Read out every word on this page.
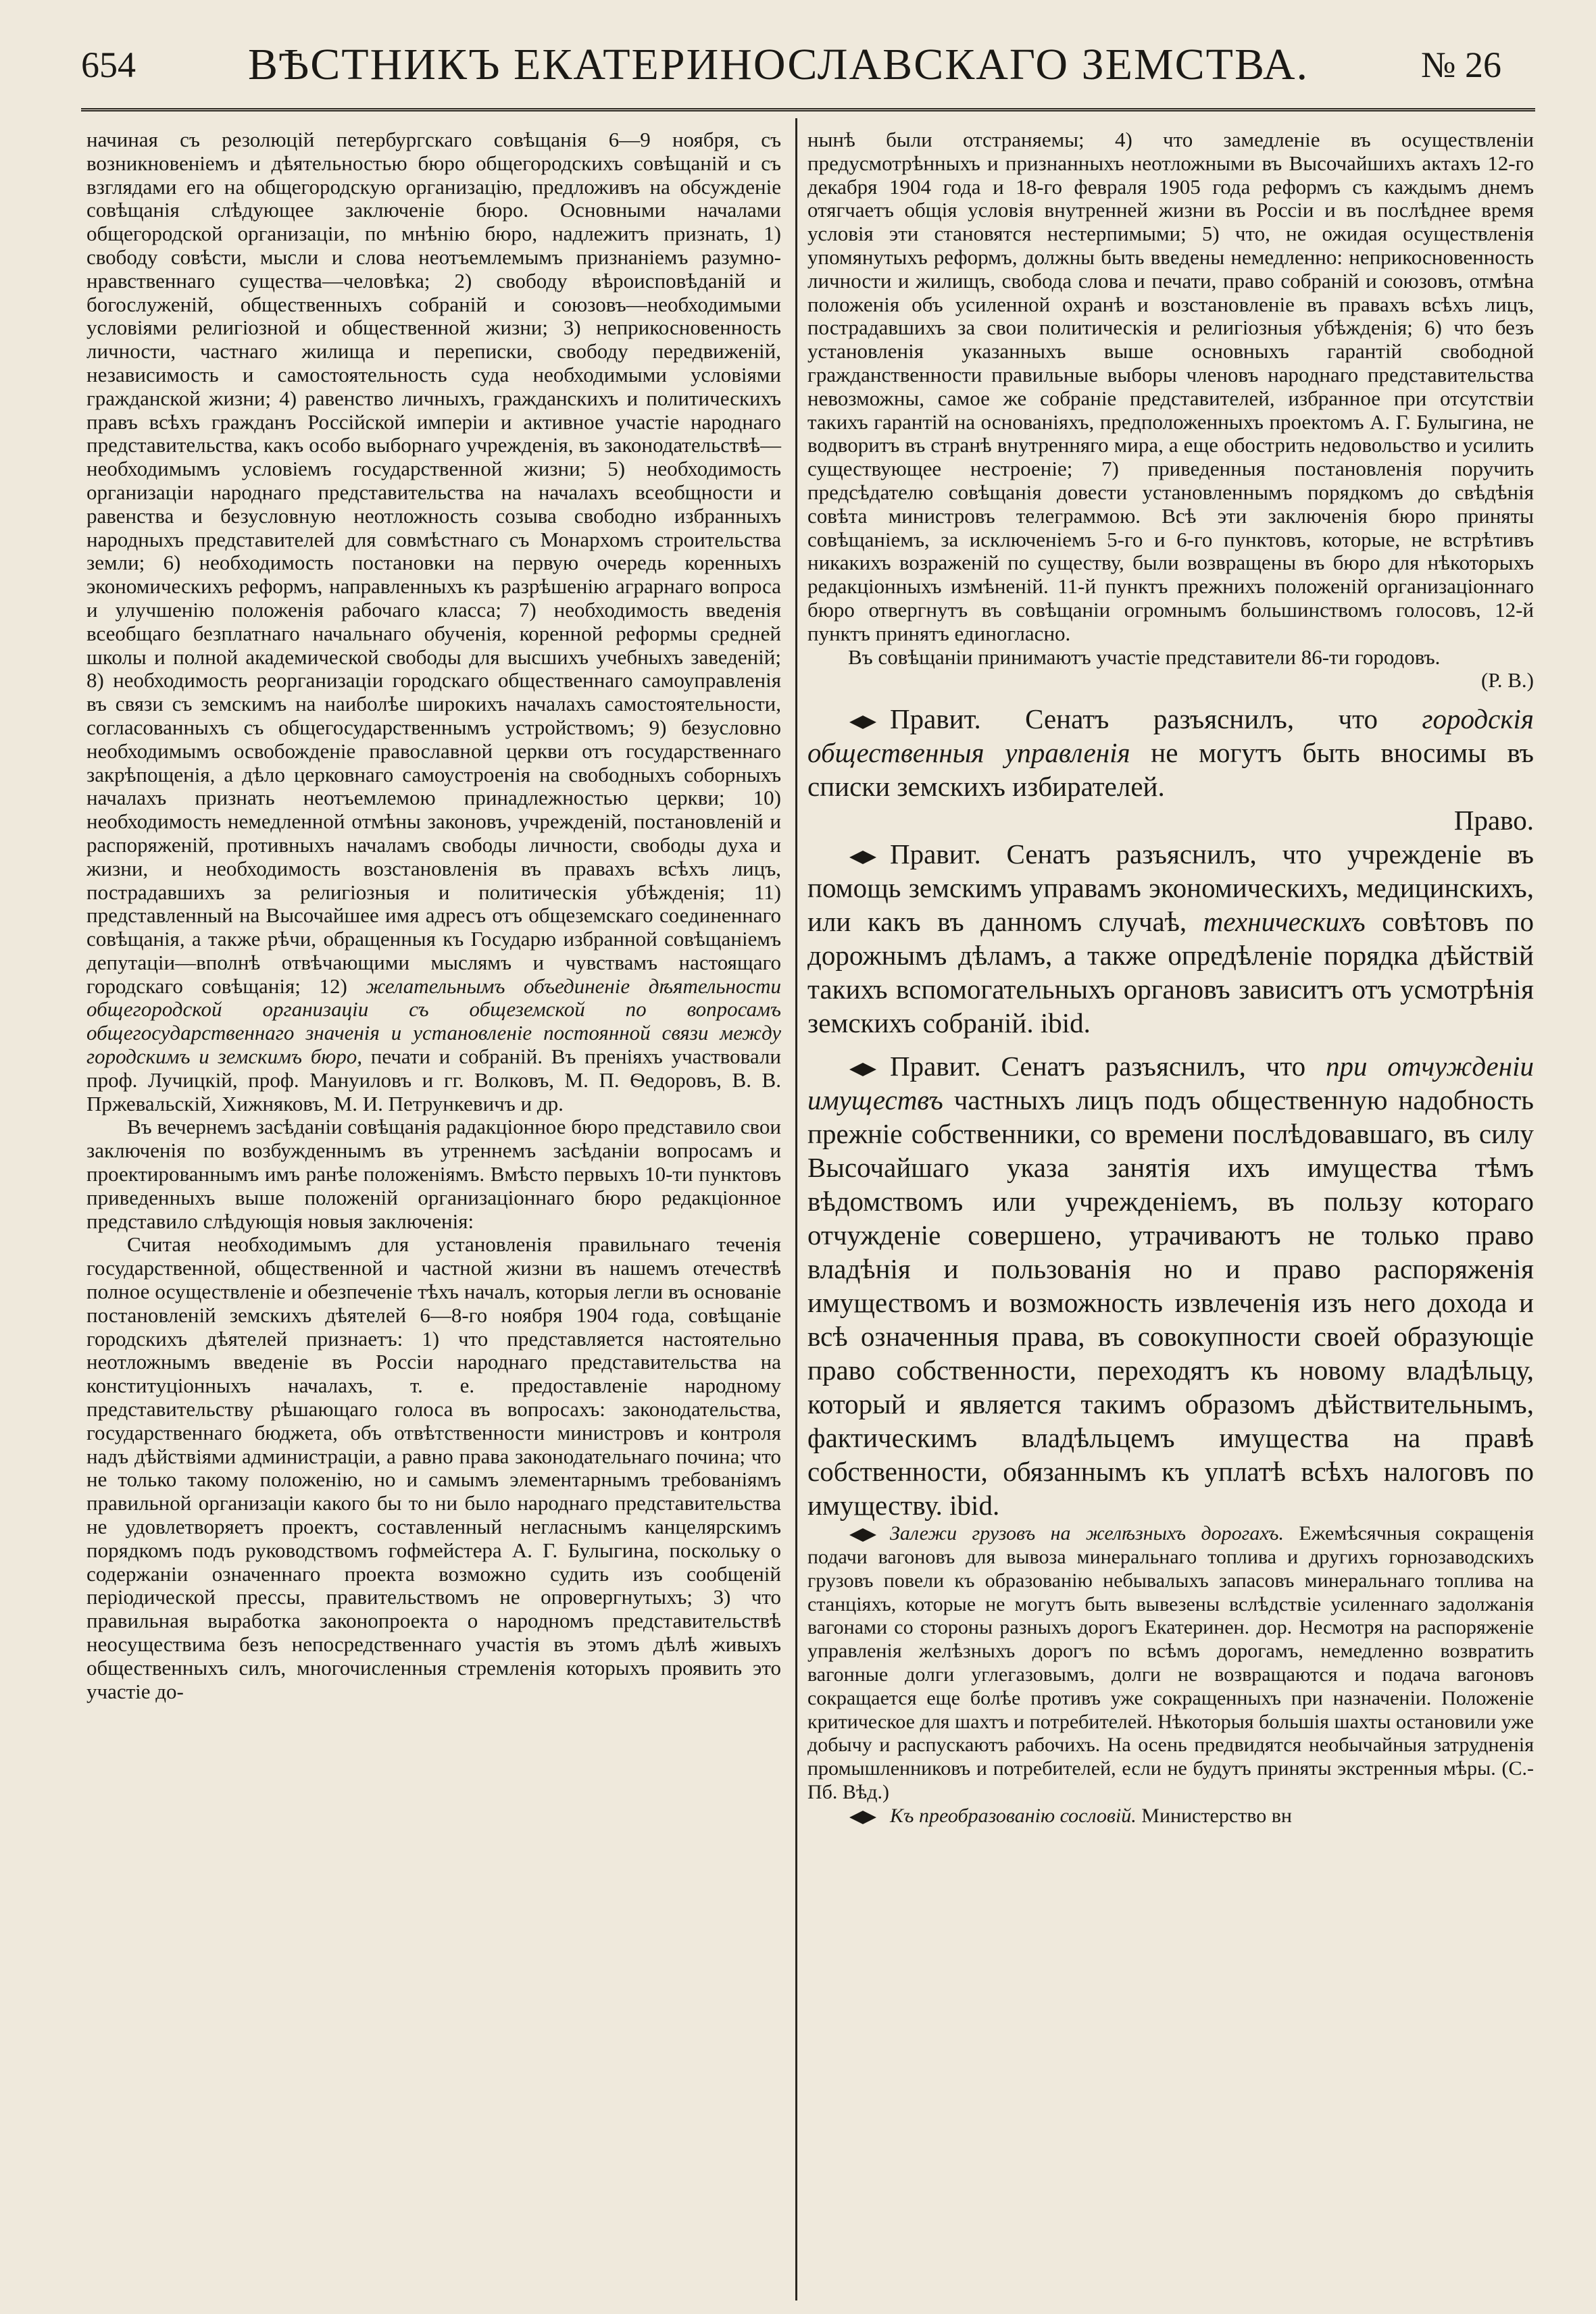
654	ВѢСТНИКЪ ЕКАТЕРИНОСЛАВСКАГО ЗЕМСТВА.	№ 26

начиная съ резолюцій петербургскаго совѣщанія 6—9 ноября, съ возникновеніемъ и дѣятельностью бюро общегородскихъ совѣщаній и съ взглядами его на общегородскую организацію, предложивъ на обсужденіе совѣщанія слѣдующее заключеніе бюро. Основными началами общегородской организаціи, по мнѣнію бюро, надлежитъ признать, 1) свободу совѣсти, мысли и слова неотъемлемымъ признаніемъ разумно-нравственнаго существа—человѣка; 2) свободу вѣроисповѣданій и богослуженій, общественныхъ собраній и союзовъ—необходимыми условіями религіозной и общественной жизни; 3) неприкосновенность личности, частнаго жилища и переписки, свободу передвиженій, независимость и самостоятельность суда необходимыми условіями гражданской жизни; 4) равенство личныхъ, гражданскихъ и политическихъ правъ всѣхъ гражданъ Россійской имперіи и активное участіе народнаго представительства, какъ особо выборнаго учрежденія, въ законодательствѣ—необходимымъ условіемъ государственной жизни; 5) необходимость организаціи народнаго представительства на началахъ всеобщности и равенства и безусловную неотложность созыва свободно избранныхъ народныхъ представителей для совмѣстнаго съ Монархомъ строительства земли; 6) необходимость постановки на первую очередь коренныхъ экономическихъ реформъ, направленныхъ къ разрѣшенію аграрнаго вопроса и улучшенію положенія рабочаго класса; 7) необходимость введенія всеобщаго безплатнаго начальнаго обученія, коренной реформы средней школы и полной академической свободы для высшихъ учебныхъ заведеній; 8) необходимость реорганизаціи городскаго общественнаго самоуправленія въ связи съ земскимъ на наиболѣе широкихъ началахъ самостоятельности, согласованныхъ съ общегосударственнымъ устройствомъ; 9) безусловно необходимымъ освобожденіе православной церкви отъ государственнаго закрѣпощенія, а дѣло церковнаго самоустроенія на свободныхъ соборныхъ началахъ признать неотъемлемою принадлежностью церкви; 10) необходимость немедленной отмѣны законовъ, учрежденій, постановленій и распоряженій, противныхъ началамъ свободы личности, свободы духа и жизни, и необходимость возстановленія въ правахъ всѣхъ лицъ, пострадавшихъ за религіозныя и политическія убѣжденія; 11) представленный на Высочайшее имя адресъ отъ общеземскаго соединеннаго совѣщанія, а также рѣчи, обращенныя къ Государю избранной совѣщаніемъ депутаціи—вполнѣ отвѣчающими мыслямъ и чувствамъ настоящаго городскаго совѣщанія; 12) желательнымъ объединеніе дѣятельности общегородской организаціи съ общеземской по вопросамъ общегосударственнаго значенія и установленіе постоянной связи между городскимъ и земскимъ бюро, печати и собраній. Въ преніяхъ участвовали проф. Лучицкій, проф. Мануиловъ и гг. Волковъ, М. П. Ѳедоровъ, В. В. Пржевальскій, Хижняковъ, М. И. Петрункевичъ и др.

Въ вечернемъ засѣданіи совѣщанія радакціонное бюро представило свои заключенія по возбужденнымъ въ утреннемъ засѣданіи вопросамъ и проектированнымъ имъ ранѣе положеніямъ. Вмѣсто первыхъ 10-ти пунктовъ приведенныхъ выше положеній организаціоннаго бюро редакціонное представило слѣдующія новыя заключенія:

Считая необходимымъ для установленія правильнаго теченія государственной, общественной и частной жизни въ нашемъ отечествѣ полное осуществленіе и обезпеченіе тѣхъ началъ, которыя легли въ основаніе постановленій земскихъ дѣятелей 6—8-го ноября 1904 года, совѣщаніе городскихъ дѣятелей признаетъ: 1) что представляется настоятельно неотложнымъ введеніе въ Россіи народнаго представительства на конституціонныхъ началахъ, т. е. предоставленіе народному представительству рѣшающаго голоса въ вопросахъ: законодательства, государственнаго бюджета, объ отвѣтственности министровъ и контроля надъ дѣйствіями администраціи, а равно права законодательнаго почина; что не только такому положенію, но и самымъ элементарнымъ требованіямъ правильной организаціи какого бы то ни было народнаго представительства не удовлетворяетъ проектъ, составленный негласнымъ канцелярскимъ порядкомъ подъ руководствомъ гофмейстера А. Г. Булыгина, поскольку о содержаніи означеннаго проекта возможно судить изъ сообщеній періодической прессы, правительствомъ не опровергнутыхъ; 3) что правильная выработка законопроекта о народномъ представительствѣ неосуществима безъ непосредственнаго участія въ этомъ дѣлѣ живыхъ общественныхъ силъ, многочисленныя стремленія которыхъ проявить это участіе до-

нынѣ были отстраняемы; 4) что замедленіе въ осуществленіи предусмотрѣнныхъ и признанныхъ неотложными въ Высочайшихъ актахъ 12-го декабря 1904 года и 18-го февраля 1905 года реформъ съ каждымъ днемъ отягчаетъ общія условія внутренней жизни въ Россіи и въ послѣднее время условія эти становятся нестерпимыми; 5) что, не ожидая осуществленія упомянутыхъ реформъ, должны быть введены немедленно: неприкосновенность личности и жилищъ, свобода слова и печати, право собраній и союзовъ, отмѣна положенія объ усиленной охранѣ и возстановленіе въ правахъ всѣхъ лицъ, пострадавшихъ за свои политическія и религіозныя убѣжденія; 6) что безъ установленія указанныхъ выше основныхъ гарантій свободной гражданственности правильные выборы членовъ народнаго представительства невозможны, самое же собраніе представителей, избранное при отсутствіи такихъ гарантій на основаніяхъ, предположенныхъ проектомъ А. Г. Булыгина, не водворитъ въ странѣ внутренняго мира, а еще обострить недовольство и усилить существующее нестроеніе; 7) приведенныя постановленія поручить предсѣдателю совѣщанія довести установленнымъ порядкомъ до свѣдѣнія совѣта министровъ телеграммою. Всѣ эти заключенія бюро приняты совѣщаніемъ, за исключеніемъ 5-го и 6-го пунктовъ, которые, не встрѣтивъ никакихъ возраженій по существу, были возвращены въ бюро для нѣкоторыхъ редакціонныхъ измѣненій. 11-й пунктъ прежнихъ положеній организаціоннаго бюро отвергнутъ въ совѣщаніи огромнымъ большинствомъ голосовъ, 12-й пунктъ принятъ единогласно.

Въ совѣщаніи принимаютъ участіе представители 86-ти городовъ.

(Р. В.)

Правит. Сенатъ разъяснилъ, что городскія общественныя управленія не могутъ быть вносимы въ списки земскихъ избирателей.

Право.

Правит. Сенатъ разъяснилъ, что учрежденіе въ помощь земскимъ управамъ экономическихъ, медицинскихъ, или какъ въ данномъ случаѣ, техническихъ совѣтовъ по дорожнымъ дѣламъ, а также опредѣленіе порядка дѣйствій такихъ вспомогательныхъ органовъ зависитъ отъ усмотрѣнія земскихъ собраній. ibid.

Правит. Сенатъ разъяснилъ, что при отчужденіи имуществъ частныхъ лицъ подъ общественную надобность прежніе собственники, со времени послѣдовавшаго, въ силу Высочайшаго указа занятія ихъ имущества тѣмъ вѣдомствомъ или учрежденіемъ, въ пользу котораго отчужденіе совершено, утрачиваютъ не только право владѣнія и пользованія но и право распоряженія имуществомъ и возможность извлеченія изъ него дохода и всѣ означенныя права, въ совокупности своей образующіе право собственности, переходятъ къ новому владѣльцу, который и является такимъ образомъ дѣйствительнымъ, фактическимъ владѣльцемъ имущества на правѣ собственности, обязаннымъ къ уплатѣ всѣхъ налоговъ по имуществу. ibid.

Залежи грузовъ на желѣзныхъ дорогахъ. Ежемѣсячныя сокращенія подачи вагоновъ для вывоза минеральнаго топлива и другихъ горнозаводскихъ грузовъ повели къ образованію небывалыхъ запасовъ минеральнаго топлива на станціяхъ, которые не могутъ быть вывезены вслѣдствіе усиленнаго задолжанія вагонами со стороны разныхъ дорогъ Екатеринен. дор. Несмотря на распоряженіе управленія желѣзныхъ дорогъ по всѣмъ дорогамъ, немедленно возвратить вагонные долги углегазовымъ, долги не возвращаются и подача вагоновъ сокращается еще болѣе противъ уже сокращенныхъ при назначеніи. Положеніе критическое для шахтъ и потребителей. Нѣкоторыя большія шахты остановили уже добычу и распускаютъ рабочихъ. На осень предвидятся необычайныя затрудненія промышленниковъ и потребителей, если не будутъ приняты экстренныя мѣры. (С.-Пб. Вѣд.)

Къ преобразованію сословій. Министерство вн
